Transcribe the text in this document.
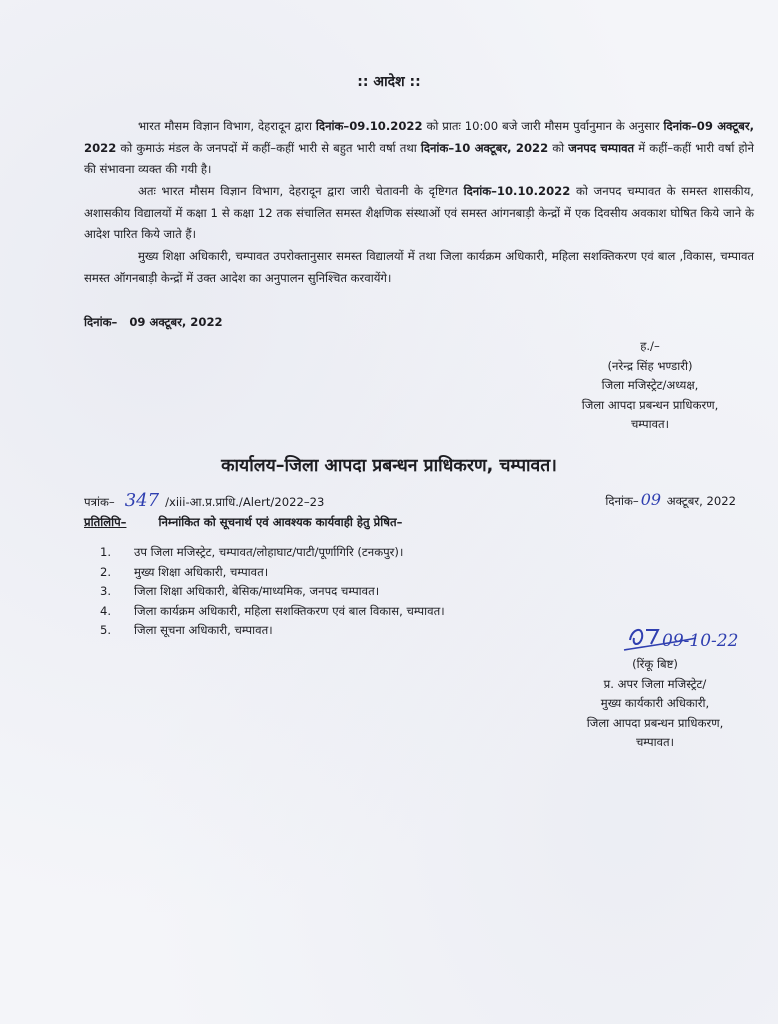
:: आदेश ::
भारत मौसम विज्ञान विभाग, देहरादून द्वारा दिनांक–09.10.2022 को प्रातः 10:00 बजे जारी मौसम पुर्वानुमान के अनुसार दिनांक–09 अक्टूबर, 2022 को कुमाऊं मंडल के जनपदों में कहीं–कहीं भारी से बहुत भारी वर्षा तथा दिनांक–10 अक्टूबर, 2022 को जनपद चम्पावत में कहीं–कहीं भारी वर्षा होने की संभावना व्यक्त की गयी है।
अतः भारत मौसम विज्ञान विभाग, देहरादून द्वारा जारी चेतावनी के दृष्टिगत दिनांक–10.10.2022 को जनपद चम्पावत के समस्त शासकीय, अशासकीय विद्यालयों में कक्षा 1 से कक्षा 12 तक संचालित समस्त शैक्षणिक संस्थाओं एवं समस्त आंगनबाड़ी केन्द्रों में एक दिवसीय अवकाश घोषित किये जाने के आदेश पारित किये जाते हैं।
मुख्य शिक्षा अधिकारी, चम्पावत उपरोक्तानुसार समस्त विद्यालयों में तथा जिला कार्यक्रम अधिकारी, महिला सशक्तिकरण एवं बाल ,विकास, चम्पावत समस्त ऑगनबाड़ी केन्द्रों में उक्त आदेश का अनुपालन सुनिश्चित करवायेंगे।
दिनांक– 09 अक्टूबर, 2022
ह./–
(नरेन्द्र सिंह भण्डारी)
जिला मजिस्ट्रेट/अध्यक्ष,
जिला आपदा प्रबन्धन प्राधिकरण,
चम्पावत।
कार्यालय–जिला आपदा प्रबन्धन प्राधिकरण, चम्पावत।
पत्रांक– 347 /xiii-आ.प्र.प्राधि./Alert/2022–23	दिनांक– 09 अक्टूबर, 2022
प्रतिलिपि–	निम्नांकित को सूचनार्थ एवं आवश्यक कार्यवाही हेतु प्रेषित–
1.	उप जिला मजिस्ट्रेट, चम्पावत/लोहाघाट/पाटी/पूर्णागिरि (टनकपुर)।
2.	मुख्य शिक्षा अधिकारी, चम्पावत।
3.	जिला शिक्षा अधिकारी, बेसिक/माध्यमिक, जनपद चम्पावत।
4.	जिला कार्यक्रम अधिकारी, महिला सशक्तिकरण एवं बाल विकास, चम्पावत।
5.	जिला सूचना अधिकारी, चम्पावत।
09-10-22
(रिंकू बिष्ट)
प्र. अपर जिला मजिस्ट्रेट/
मुख्य कार्यकारी अधिकारी,
जिला आपदा प्रबन्धन प्राधिकरण,
चम्पावत।
